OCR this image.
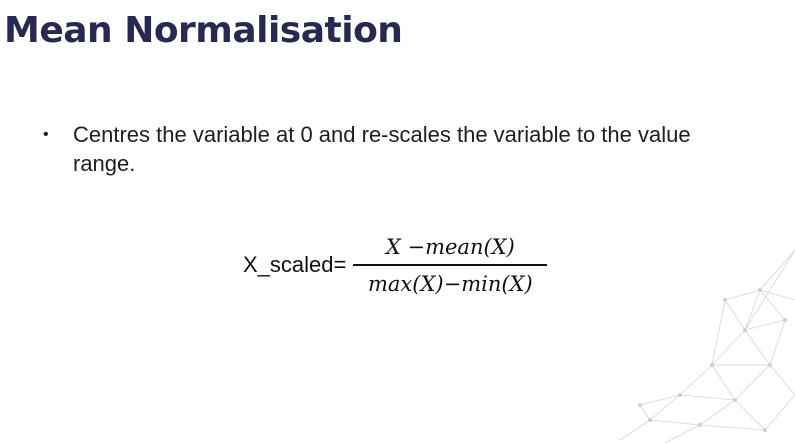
Mean Normalisation
• Centres the variable at 0 and re-scales the variable to the value range.
X_scaled= $\frac{\text{X −mean(X)}}{\max(X)-\min(X)}$
